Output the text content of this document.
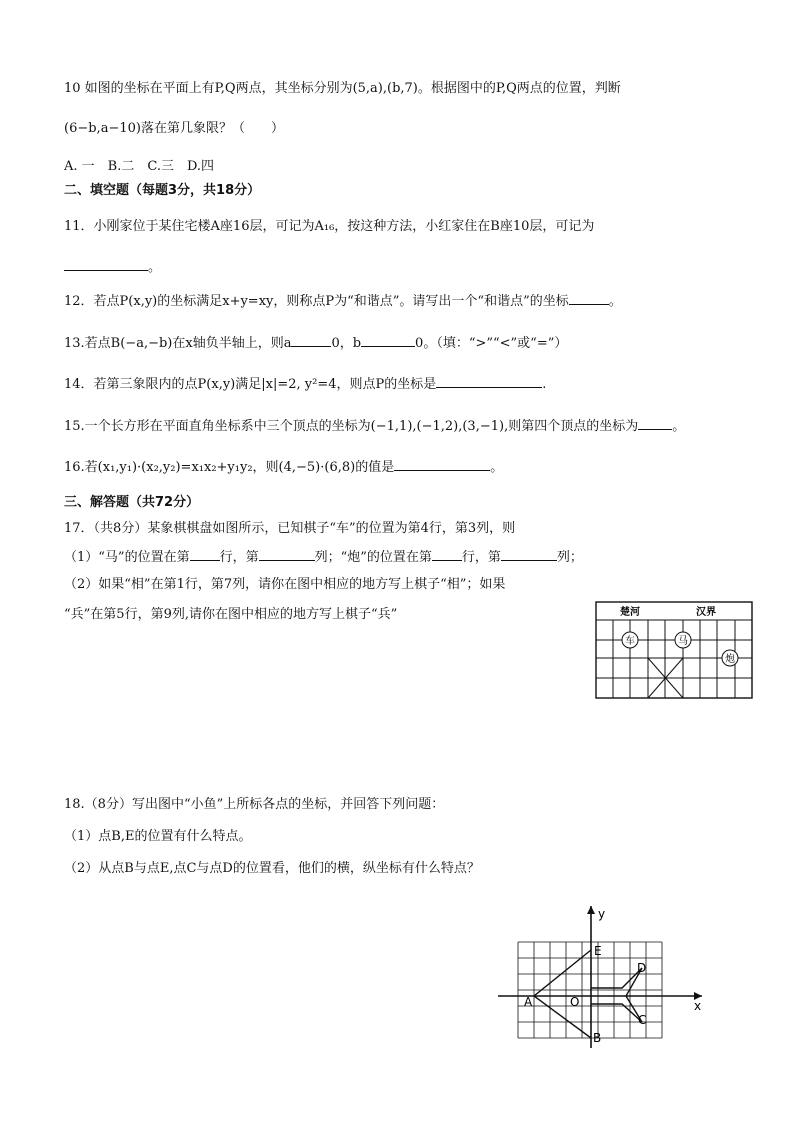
10 如图的坐标在平面上有P,Q两点，其坐标分别为(5,a),(b,7)。根据图中的P,Q两点的位置，判断
(6−b,a−10)落在第几象限？（　　）
A. 一　B.二　C.三　D.四
二、填空题（每题3分，共18分）
11．小刚家位于某住宅楼A座16层，可记为A₁₆，按这种方法，小红家住在B座10层，可记为
。
12．若点P(x,y)的坐标满足x+y=xy，则称点P为“和谐点”。请写出一个“和谐点”的坐标	。
13.若点B(−a,−b)在x轴负半轴上，则a	0，b	0。（填：“>”“<”或“=”）
14．若第三象限内的点P(x,y)满足|x|=2, y²=4，则点P的坐标是	.
15.一个长方形在平面直角坐标系中三个顶点的坐标为(−1,1),(−1,2),(3,−1),则第四个顶点的坐标为	。
16.若(x₁,y₁)·(x₂,y₂)=x₁x₂+y₁y₂，则(4,−5)·(6,8)的值是	。
三、解答题（共72分）
17．（共8分）某象棋棋盘如图所示，已知棋子“车”的位置为第4行，第3列，则
（1）“马”的位置在第 行，第	列；“炮”的位置在第 行，第	列；
（2）如果“相”在第1行，第7列，请你在图中相应的地方写上棋子“相”；如果
“兵”在第5行，第9列,请你在图中相应的地方写上棋子“兵”	楚河	汉界
车	马
炮
18.（8分）写出图中“小鱼”上所标各点的坐标，并回答下列问题：
（1）点B,E的位置有什么特点。
（2）从点B与点E,点C与点D的位置看，他们的横，纵坐标有什么特点？
x
y
A
B
C
D
E
O
